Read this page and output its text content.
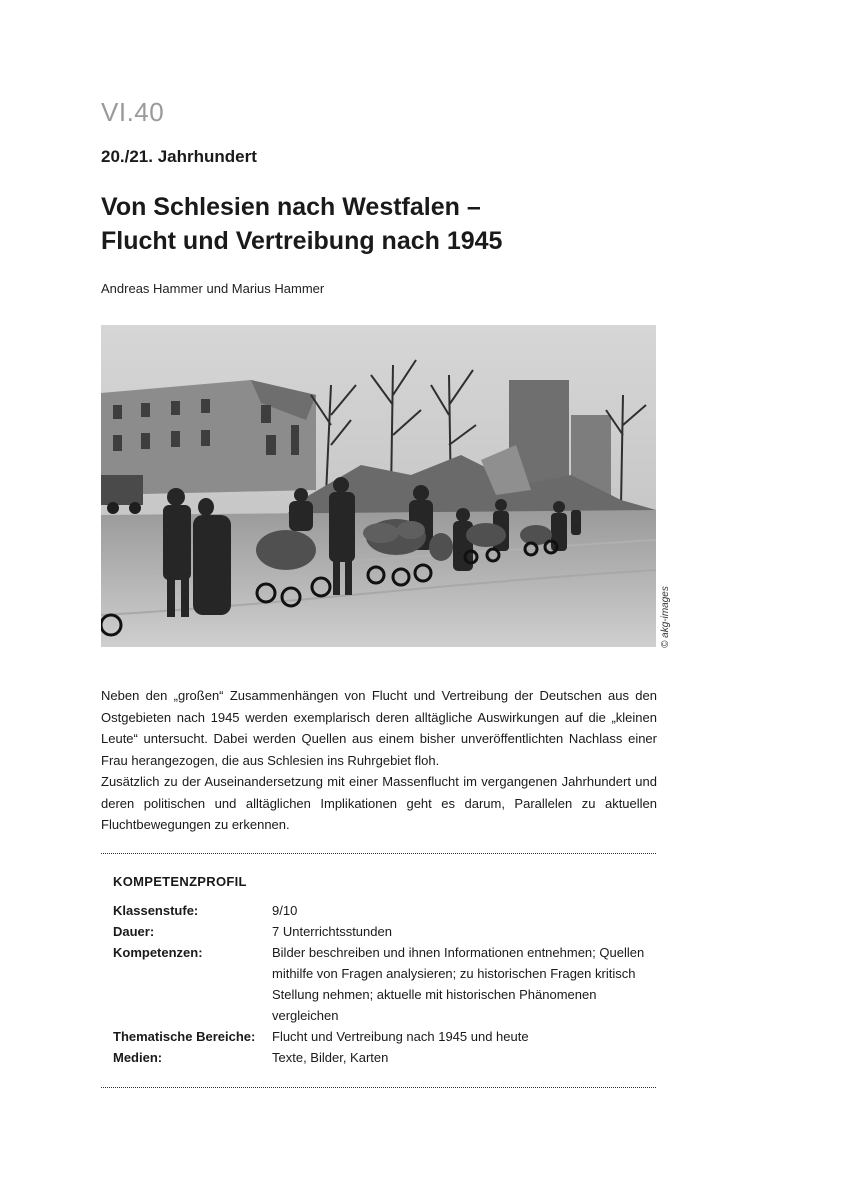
VI.40
20./21. Jahrhundert
Von Schlesien nach Westfalen –
Flucht und Vertreibung nach 1945
Andreas Hammer und Marius Hammer
© akg-images

Neben den „großen“ Zusammenhängen von Flucht und Vertreibung der Deutschen aus den Ostgebieten nach 1945 werden exemplarisch deren alltägliche Auswirkungen auf die „kleinen Leute“ untersucht. Dabei werden Quellen aus einem bisher unveröffentlichten Nachlass einer Frau herangezogen, die aus Schlesien ins Ruhrgebiet floh.

Zusätzlich zu der Auseinandersetzung mit einer Massenflucht im vergangenen Jahrhundert und deren politischen und alltäglichen Implikationen geht es darum, Parallelen zu aktuellen Fluchtbewegungen zu erkennen.

KOMPETENZPROFIL
Klassenstufe:	9/10
Dauer:	7 Unterrichtsstunden
Kompetenzen:	Bilder beschreiben und ihnen Informationen entnehmen; Quellen mithilfe von Fragen analysieren; zu historischen Fragen kritisch Stellung nehmen; aktuelle mit historischen Phänomenen vergleichen
Thematische Bereiche:	Flucht und Vertreibung nach 1945 und heute
Medien:	Texte, Bilder, Karten
